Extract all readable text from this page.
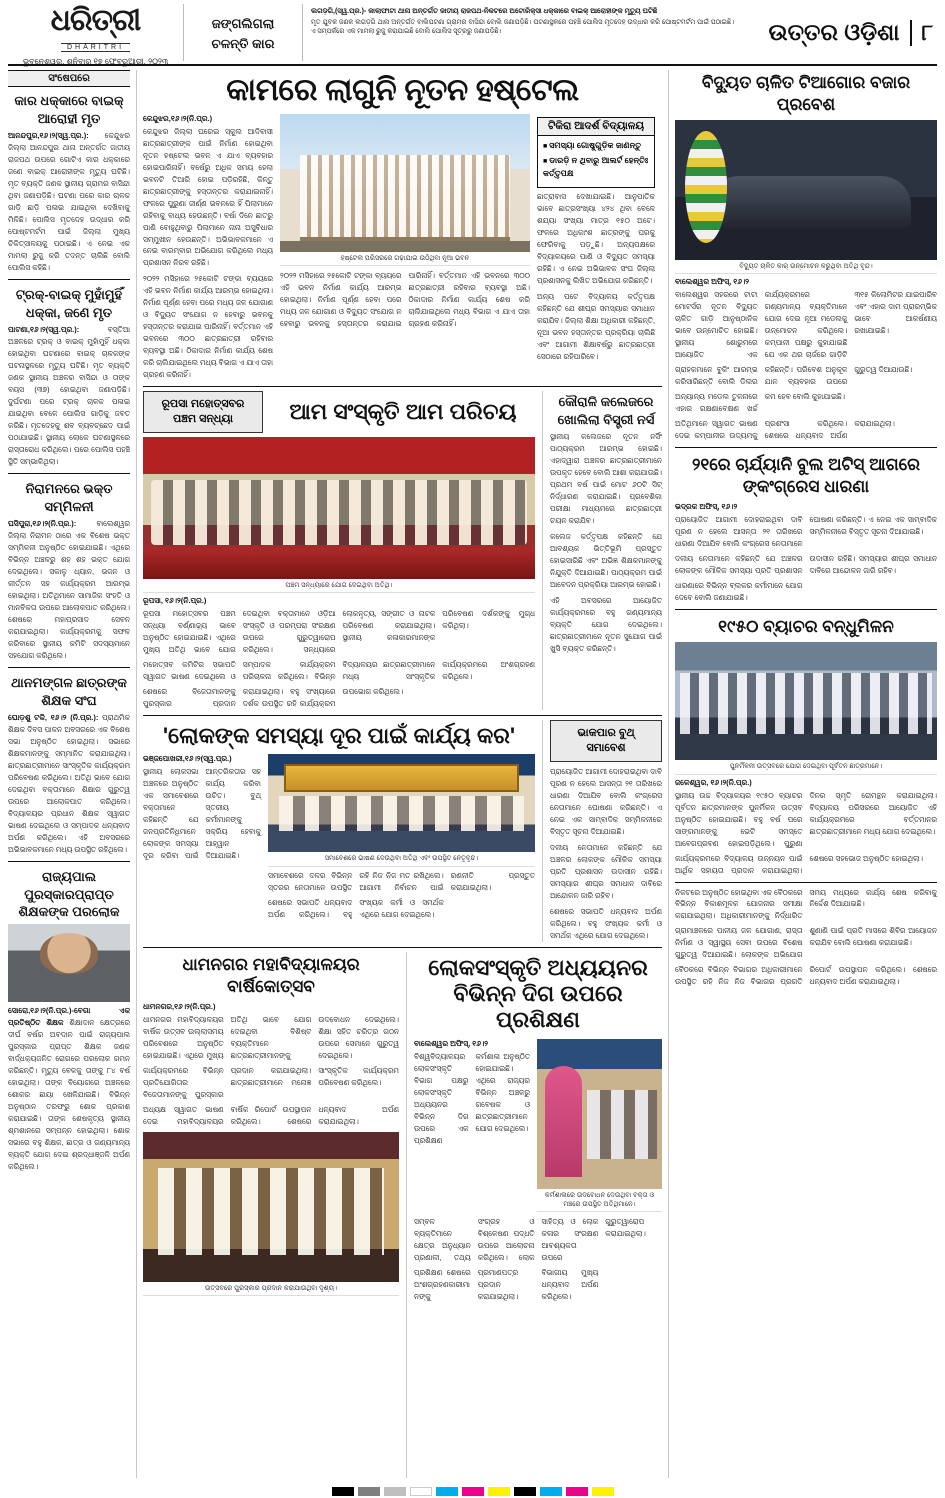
ଧରିତ୍ରୀ
DHARITRI
ଭୁବନେଶ୍ୱର, ଶନିବାର ୧୭ ଫେବ୍ରୁଆରୀ, ୨୦୨୩
ଜଙ୍ଗଲିଗଲା
ଚଳନ୍ତି କାର
ଲଗଡ଼ଗି,(ସ୍ୱ.ପ୍ର.)- କାଲାଫାଟା ଥାନା ଅନ୍ତର୍ଗତ ଜାତୀୟ ରାଜପଥ-ନିକଟରେ ଅଟୋରିକ୍ସା ଧକ୍କାରେ ବାଇକ୍ ଆରୋହୀଙ୍କ ମୃତ୍ୟୁ ଘଟିଛି
ମୃତ ଯୁବକ ଜଣକ ଲଗଡ଼ଗି ଥାନା ଅନ୍ତର୍ଗତ ବାଲିପଟଣା ଗ୍ରାମର ବାସିନ୍ଦା ବୋଲି ଜଣାପଡ଼ିଛି। ଘଟଣାସ୍ଥଳରେ ପହଞ୍ଚି ପୋଲିସ ମୃତଦେହ ଉଦ୍ଧାର କରି ପୋଷ୍ଟମର୍ଟମ ପାଇଁ ପଠାଇଛି। ଏ ସମ୍ପର୍କରେ ଏକ ମାମଲା ରୁଜୁ କରାଯାଇଛି ବୋଲି ପୋଲିସ ସୂତ୍ରରୁ ଜଣାପଡ଼ିଛି।	ଉତ୍ତର ଓଡ଼ିଶା	୮
ସଂଷେପରେ
କାର ଧକ୍କାରେ ବାଇକ୍ ଆରୋହୀ ମୃତ
ଆନନ୍ଦପୁର,୧୬।୨(ସ୍ୱ.ପ୍ର.): କେନ୍ଦୁଝର ଜିଲ୍ଲା ଆନନ୍ଦପୁର ଥାନା ଅନ୍ତର୍ଗତ ଜାତୀୟ ରାଜପଥ ଉପରେ ଗୋଟିଏ କାର ଧକ୍କାରେ ଜଣେ ବାଇକ୍ ଆରୋହୀଙ୍କ ମୃତ୍ୟୁ ଘଟିଛି। ମୃତ ବ୍ୟକ୍ତି ଜଣକ ସ୍ଥାନୀୟ ଗ୍ରାମର ବାସିନ୍ଦା ଥିବା ଜଣାପଡ଼ିଛି। ଘଟଣା ପରେ କାର ଚାଳକ ଗାଡ଼ି ଛାଡ଼ି ପଳାଇ ଯାଇଥିବା ଦେଖିବାକୁ ମିଳିଛି। ପୋଲିସ ମୃତଦେହ ଉଦ୍ଧାର କରି ପୋଷ୍ଟମର୍ଟମ ପାଇଁ ଜିଲ୍ଲା ମୁଖ୍ୟ ଚିକିତ୍ସାଳୟକୁ ପଠାଇଛି। ଏ ନେଇ ଏକ ମାମଲା ରୁଜୁ କରି ତଦନ୍ତ ଚାଲିଛି ବୋଲି ପୋଲିସ କହିଛି।
ଟ୍ରକ୍-ବାଇକ୍ ମୁହାଁମୁହିଁ ଧକ୍କା, ଜଣେ ମୃତ
ପାଟଣା,୧୬।୨(ସ୍ୱ.ପ୍ର.):	ବସ୍ତିଆ ଅଞ୍ଚଳରେ ଟ୍ରକ୍ ଓ ବାଇକ୍ ମୁହାଁମୁହିଁ ଧକ୍କା ହୋଇଥିବା ଘଟଣାରେ ବାଇକ୍ ଚାଳକଙ୍କ ଘଟନାସ୍ଥଳରେ ମୃତ୍ୟୁ ଘଟିଛି। ମୃତ ବ୍ୟକ୍ତି ଜଣକ ସ୍ଥାନୀୟ ଅଞ୍ଚଳର ବାସିନ୍ଦା ଓ ତାଙ୍କ ବୟସ (୩୭) ହୋଇଥିବା ଜଣାପଡ଼ିଛି। ଦୁର୍ଘଟଣା ପରେ ଟ୍ରକ୍ ଚାଳକ ପଳାଇ ଯାଇଥିବା ବେଳେ ପୋଲିସ ଗାଡ଼ିକୁ ଜବତ କରିଛି। ମୃତଦେହକୁ ଶବ ବ୍ୟବଚ୍ଛେଦ ପାଇଁ ପଠାଯାଇଛି। ସ୍ଥାନୀୟ ଲୋକେ ଘଟଣାସ୍ଥଳରେ ରାସ୍ତାରୋଧ କରିଥିଲେ। ପରେ ପୋଲିସ ପହଞ୍ଚି ସ୍ଥିତି ସମ୍ଭାଳିଥିଲା।
ନିରାମନରେ ଭକ୍ତ ସମ୍ମିଳନୀ
ଘସିପୁରା,୧୬।୨(ନି.ପ୍ର.):	ବାଲେଶ୍ୱର ଜିଲ୍ଲା ନିରାମନ ଠାରେ ଏକ ବିଶେଷ ଭକ୍ତ ସମ୍ମିଳନୀ ଅନୁଷ୍ଠିତ ହୋଇଯାଇଛି। ଏଥିରେ ବିଭିନ୍ନ ଅଞ୍ଚଳରୁ ଶହ ଶହ ଭକ୍ତ ଯୋଗ ଦେଇଥିଲେ। ସକାଳୁ ଧ୍ୟାନ, ଭଜନ ଓ କୀର୍ତ୍ତନ ସହ କାର୍ଯ୍ୟକ୍ରମ ଆରମ୍ଭ ହୋଇଥିଲା। ଅତିଥିମାନେ ସାମାଜିକ ସଂହତି ଓ ମାନବିକତା ଉପରେ ଆଲୋକପାତ କରିଥିଲେ। ଶେଷରେ ମହାପ୍ରସାଦ ସେବନ କରାଯାଇଥିଲା। କାର୍ଯ୍ୟକ୍ରମକୁ ସଫଳ କରିବାରେ ସ୍ଥାନୀୟ କମିଟି ସଦସ୍ୟମାନେ ସହଯୋଗ କରିଥିଲେ।
ଥାନମଙ୍ଗଳ ଛାତ୍ରଙ୍କ ଶିକ୍ଷକ ସଂଘ
ଘୋଡ଼ଶୁ ଟକି, ୧୬।୨ (ନି.ପ୍ର.): ପ୍ରାଥମିକ ଶିକ୍ଷକ ଦିବସ ପାଳନ ଅବସରରେ ଏକ ବିଶେଷ ସଭା ଅନୁଷ୍ଠିତ ହୋଇଥିଲା। ସଭାରେ ଶିକ୍ଷକମାନଙ୍କୁ ସମ୍ମାନିତ କରାଯାଇଥିଲା। ଛାତ୍ରଛାତ୍ରୀମାନେ ସାଂସ୍କୃତିକ କାର୍ଯ୍ୟକ୍ରମ ପରିବେଷଣ କରିଥିଲେ। ଅତିଥି ଭାବେ ଯୋଗ ଦେଇଥିବା ବକ୍ତାମାନେ ଶିକ୍ଷାର ଗୁରୁତ୍ୱ ଉପରେ ଆଲୋକପାତ କରିଥିଲେ। ବିଦ୍ୟାଳୟର ପ୍ରଧାନ ଶିକ୍ଷକ ସ୍ୱାଗତ ଭାଷଣ ଦେଇଥିଲେ ଓ ସମ୍ପାଦକ ଧନ୍ୟବାଦ ଅର୍ପଣ କରିଥିଲେ। ଏହି ଅବସରରେ ଅଭିଭାବକମାନେ ମଧ୍ୟ ଉପସ୍ଥିତ ରହିଥିଲେ।
ରାଜ୍ୟପାଲ ପୁରସ୍କାରପ୍ରାପ୍ତ ଶିକ୍ଷକଙ୍କ ପରଲୋକ
ସୋରୋ,୧୬।୨(ନି.ପ୍ର.)-ବେଗା ଏକ ପ୍ରତିଷ୍ଠିତ ଶିକ୍ଷକ ଶିକ୍ଷାଦାନ କ୍ଷେତ୍ରରେ ଦୀର୍ଘ ବର୍ଷର ଅବଦାନ ପାଇଁ ରାଜ୍ୟପାଲ ପୁରସ୍କାର ପ୍ରାପ୍ତ ଶିକ୍ଷକ ଜଣକ ବାର୍ଦ୍ଧକ୍ୟଜନିତ ରୋଗରେ ପରଲୋକ ଗମନ କରିଛନ୍ତି। ମୃତ୍ୟୁ ବେଳକୁ ତାଙ୍କୁ ୮୪ ବର୍ଷ ହୋଇଥିଲା। ତାଙ୍କ ବିୟୋଗରେ ଅଞ୍ଚଳରେ ଶୋକର ଛାୟା ଖେଳିଯାଇଛି। ବିଭିନ୍ନ ଅନୁଷ୍ଠାନ ତରଫରୁ ଶୋକ ପ୍ରକାଶ କରାଯାଇଛି। ତାଙ୍କ ଶେଷକୃତ୍ୟ ସ୍ଥାନୀୟ ଶ୍ମଶାନରେ ସମ୍ପନ୍ନ ହୋଇଥିଲା। ଶୋକ ସଭାରେ ବହୁ ଶିକ୍ଷକ, ଛାତ୍ର ଓ ଗଣ୍ୟମାନ୍ୟ ବ୍ୟକ୍ତି ଯୋଗ ଦେଇ ଶ୍ରଦ୍ଧାଞ୍ଜଳି ଅର୍ପଣ କରିଥିଲେ।
କାମରେ ଲାଗୁନି ନୂତନ ହଷ୍ଟେଲ
କେନ୍ଦୁଝର,୧୬।୨(ନି.ପ୍ର.)
କେନ୍ଦୁଝର ଜିଲ୍ଲା ଘରେଇ ସ୍କୁଲ ଆଦିବାସୀ ଛାତ୍ରଛାତ୍ରୀଙ୍କ ପାଇଁ ନିର୍ମାଣ ହୋଇଥିବା ନୂତନ ହଷ୍ଟେଲ ଭବନ ଏ ଯାଏ ବ୍ୟବହାର ହୋଇପାରିନାହିଁ। ବର୍ଷେରୁ ଅଧିକ ସମୟ ହେଲା ଭବନଟି ତିଆରି ହୋଇ ପଡ଼ିରହିଛି, କିନ୍ତୁ ଛାତ୍ରଛାତ୍ରୀଙ୍କୁ ହସ୍ତାନ୍ତର କରାଯାଇନାହିଁ। ଫଳରେ ପୁରୁଣା ଜୀର୍ଣ୍ଣ ଭବନରେ ହିଁ ପିଲାମାନେ ରହିବାକୁ ବାଧ୍ୟ ହେଉଛନ୍ତି। ବର୍ଷା ଦିନେ ଛାତରୁ ପାଣି ବୋହୁଥିବାରୁ ପିଲାମାନେ ନାନା ଅସୁବିଧାର ସମ୍ମୁଖୀନ ହେଉଛନ୍ତି। ଅଭିଭାବକମାନେ ଏ ନେଇ ବାରମ୍ବାର ଅଭିଯୋଗ କରିଥିଲେ ମଧ୍ୟ ପ୍ରଶାସନ ନିରବ ରହିଛି।
୨୦୨୨ ମସିହାରେ ୨୫କୋଟି ଟଙ୍କା ବ୍ୟୟରେ ଏହି ଭବନ ନିର୍ମାଣ କାର୍ଯ୍ୟ ଆରମ୍ଭ ହୋଇଥିଲା। ନିର୍ମାଣ ପୂର୍ଣ୍ଣ ହେବା ପରେ ମଧ୍ୟ ଜଳ ଯୋଗାଣ ଓ ବିଦ୍ୟୁତ ସଂଯୋଗ ନ ହେବାରୁ ଭବନକୁ ହସ୍ତାନ୍ତର କରାଯାଇ ପାରିନାହିଁ। ବର୍ତ୍ତମାନ ଏହି ଭବନରେ ୩୦୦ ଛାତ୍ରଛାତ୍ରୀ ରହିବାର ବ୍ୟବସ୍ଥା ଅଛି। ଠିକାଦାର ନିର୍ମାଣ କାର୍ଯ୍ୟ ଶେଷ କରି ଚାଲିଯାଇଥିଲେ ମଧ୍ୟ ବିଭାଗ ଏ ଯାଏ ତାହା ଗ୍ରହଣ କରିନାହିଁ।
ହଷ୍ଟେଲ ପରିସରରେ ଗଢ଼ାଯାଇ ଉଠିଥିବା ନୂଆ ଭବନ
୨୦୨୨ ମସିହାରେ ୨୫କୋଟି ଟଙ୍କା ବ୍ୟୟରେ ଏହି ଭବନ ନିର୍ମାଣ କାର୍ଯ୍ୟ ଆରମ୍ଭ ହୋଇଥିଲା। ନିର୍ମାଣ ପୂର୍ଣ୍ଣ ହେବା ପରେ ମଧ୍ୟ ଜଳ ଯୋଗାଣ ଓ ବିଦ୍ୟୁତ ସଂଯୋଗ ନ ହେବାରୁ ଭବନକୁ ହସ୍ତାନ୍ତର କରାଯାଇ ପାରିନାହିଁ। ବର୍ତ୍ତମାନ ଏହି ଭବନରେ ୩୦୦ ଛାତ୍ରଛାତ୍ରୀ ରହିବାର ବ୍ୟବସ୍ଥା ଅଛି। ଠିକାଦାର ନିର୍ମାଣ କାର୍ଯ୍ୟ ଶେଷ କରି ଚାଲିଯାଇଥିଲେ ମଧ୍ୟ ବିଭାଗ ଏ ଯାଏ ତାହା ଗ୍ରହଣ କରିନାହିଁ।
ଟିକିରା ଆଦର୍ଶ ବିଦ୍ୟାଳୟ
■ ସମସ୍ୟା ଗୋଷୁଗୁଡ଼ିକ ଜାଣନ୍ତୁ
■ ଡାରଡ଼ି ନ ଥିବାରୁ ଆଲର୍ଟ ହେନ୍ତିଃ କର୍ତ୍ତୃପକ୍ଷ
ଛାତ୍ରାବାସ ଦେଖାଯାଇଛି। ଆନୁପାତିକ ଭାବେ ଛାତ୍ରସଂଖ୍ୟା ୪୨୪ ଥିବା ବେଳେ ଶଯ୍ୟା ସଂଖ୍ୟା ମାତ୍ର ୧୫୦ ଅଟେ। ଫଳରେ ଅଧିକାଂଶ ଛାତ୍ରଙ୍କୁ ଘରକୁ ଫେରିବାକୁ ପଡ଼ୁଛି। ଅନ୍ୟପକ୍ଷରେ ବିଦ୍ୟାଳୟରେ ପାଣି ଓ ବିଦ୍ୟୁତ ସମସ୍ୟା ରହିଛି। ଏ ନେଇ ଅଭିଭାବକ ସଂଘ ଜିଲ୍ଲା ପ୍ରଶାସନକୁ ଲିଖିତ ଅଭିଯୋଗ କରିଛନ୍ତି।
ଅନ୍ୟ ପଟେ ବିଦ୍ୟାଳୟ କର୍ତ୍ତୃପକ୍ଷ କହିଛନ୍ତି ଯେ ଶୀଘ୍ର ସମସ୍ୟାର ସମାଧାନ କରାଯିବ। ଜିଲ୍ଲା ଶିକ୍ଷା ଅଧିକାରୀ କହିଛନ୍ତି, ନୂଆ ଭବନ ହସ୍ତାନ୍ତର ପ୍ରକ୍ରିୟା ଚାଲିଛି ଏବଂ ଆଗାମୀ ଶିକ୍ଷାବର୍ଷରୁ ଛାତ୍ରଛାତ୍ରୀ ସେଠାରେ ରହିପାରିବେ।
ରୂପସା ମହୋତ୍ସବର
ପଞ୍ଚମ ସନ୍ଧ୍ୟା	ଆମ ସଂସ୍କୃତି ଆମ ପରିଚୟ
ପଞ୍ଚମ ସନ୍ଧ୍ୟାରେ ଯୋଗ ଦେଇଥିବା ଅତିଥି।
ରୂପସା, ୧୬।୨(ନି.ପ୍ର.)
ରୂପସା ମହୋତ୍ସବର ପଞ୍ଚମ ସନ୍ଧ୍ୟା ବର୍ଣ୍ଣାଢ଼୍ୟ ଭାବେ ଅନୁଷ୍ଠିତ ହୋଇଯାଇଛି। ଏଥିରେ ମୁଖ୍ୟ ଅତିଥି ଭାବେ ଯୋଗ ଦେଇଥିବା ବକ୍ତାମାନେ ଓଡ଼ିଆ ସଂସ୍କୃତି ଓ ପରମ୍ପରା ସଂରକ୍ଷଣ ଉପରେ ଗୁରୁତ୍ୱାରୋପ କରିଥିଲେ। ସନ୍ଧ୍ୟାରେ ଲୋକନୃତ୍ୟ, ସଙ୍ଗୀତ ଓ ନାଟକ ପରିବେଷଣ କରାଯାଇଥିଲା। ସ୍ଥାନୀୟ କଳାକାରମାନଙ୍କ ପରିବେଷଣ ଦର୍ଶକଙ୍କୁ ମୁଗ୍ଧ କରିଥିଲା।
ମହୋତ୍ସବ କମିଟିର ସଭାପତି ସ୍ୱାଗତ ଭାଷଣ ଦେଇଥିଲେ ଓ ସମ୍ପାଦକ କାର୍ଯ୍ୟକ୍ରମ ପରିଚାଳନା କରିଥିଲେ। ବିଭିନ୍ନ ବିଦ୍ୟାଳୟର ଛାତ୍ରଛାତ୍ରୀମାନେ ମଧ୍ୟ ସାଂସ୍କୃତିକ କାର୍ଯ୍ୟକ୍ରମରେ ଅଂଶଗ୍ରହଣ କରିଥିଲେ।
ଶେଷରେ ବିଜେତାମାନଙ୍କୁ ପୁରସ୍କାର ପ୍ରଦାନ କରାଯାଇଥିଲା। ବହୁ ସଂଖ୍ୟାରେ ଦର୍ଶକ ଉପସ୍ଥିତ ରହି କାର୍ଯ୍ୟକ୍ରମ ଉପଭୋଗ କରିଥିଲେ।
କୌରାଳି କଲେଜରେ ଖୋଲିଲା ବିସ୍ତ୍ରୀ ନର୍ସ
ସ୍ଥାନୀୟ କଲେଜରେ ନୂତନ ନର୍ସିଂ ପାଠ୍ୟକ୍ରମ ଆରମ୍ଭ ହୋଇଛି। ଏହାଦ୍ୱାରା ଅଞ୍ଚଳର ଛାତ୍ରଛାତ୍ରୀମାନେ ଉପକୃତ ହେବେ ବୋଲି ଆଶା କରାଯାଉଛି। ପ୍ରଥମ ବର୍ଷ ପାଇଁ ମୋଟ ୬୦ଟି ସିଟ୍ ନିର୍ଦ୍ଧାରଣ କରାଯାଇଛି। ପ୍ରବେଶିକା ପରୀକ୍ଷା ମାଧ୍ୟମରେ ଛାତ୍ରଛାତ୍ରୀ ଚୟନ କରାଯିବ।
କଲେଜ କର୍ତ୍ତୃପକ୍ଷ କହିଛନ୍ତି ଯେ ଆବଶ୍ୟକ ଭିତ୍ତିଭୂମି ପ୍ରସ୍ତୁତ ହୋଇସାରିଛି ଏବଂ ଅଭିଜ୍ଞ ଶିକ୍ଷକମାନଙ୍କୁ ନିଯୁକ୍ତି ଦିଆଯାଇଛି। ପାଠ୍ୟକ୍ରମ ପାଇଁ ଆବେଦନ ପ୍ରକ୍ରିୟା ଆରମ୍ଭ ହୋଇଛି।
ଏହି ଅବସରରେ ଆୟୋଜିତ କାର୍ଯ୍ୟକ୍ରମରେ ବହୁ ଗଣ୍ୟମାନ୍ୟ ବ୍ୟକ୍ତି ଯୋଗ ଦେଇଥିଲେ। ଛାତ୍ରଛାତ୍ରୀମାନେ ନୂତନ ସୁଯୋଗ ପାଇଁ ଖୁସି ବ୍ୟକ୍ତ କରିଛନ୍ତି।
'ଲୋକଙ୍କ ସମସ୍ୟା ଦୂର ପାଇଁ କାର୍ଯ୍ୟ କର'
ଭଞ୍ଜପୋଖରୀ,୧୬।୨(ସ୍ୱ.ପ୍ର.)
ସ୍ଥାନୀୟ ଲୋକସଭା ଅଞ୍ଚଳରେ ଅନୁଷ୍ଠିତ ଏକ ସମାବେଶରେ ବକ୍ତାମାନେ କହିଛନ୍ତି ଯେ ଜନପ୍ରତିନିଧିମାନେ ଲୋକଙ୍କ ସମସ୍ୟା ଦୂର କରିବା ପାଇଁ ଆନ୍ତରିକତାର ସହ କାର୍ଯ୍ୟ କରିବା ଉଚିତ। ବୁଥ୍ ସ୍ତରୀୟ କର୍ମୀମାନଙ୍କୁ ସକ୍ରିୟ ହେବାକୁ ଆହ୍ୱାନ ଦିଆଯାଇଛି।	ସମାବେଶରେ ଭାଷଣ ଦେଉଥିବା ଅତିଥି ଏବଂ ଉପସ୍ଥିତ ନେତୃବୃନ୍ଦ।
ସମାବେଶରେ ଦଳର ବିଭିନ୍ନ ସ୍ତରର ନେତାମାନେ ଉପସ୍ଥିତ ରହି ନିଜ ନିଜ ମତ ରଖିଥିଲେ। ଆଗାମୀ ନିର୍ବାଚନ ପାଇଁ ରଣନୀତି ପ୍ରସ୍ତୁତ କରାଯାଇଥିଲା।
ଶେଷରେ ସଭାପତି ଧନ୍ୟବାଦ ଅର୍ପଣ କରିଥିଲେ। ବହୁ ସଂଖ୍ୟକ କର୍ମୀ ଓ ସମର୍ଥକ ଏଥିରେ ଯୋଗ ଦେଇଥିଲେ।
ଭାକପାର ବୁଥ୍
ସମାବେଶ
ପ୍ରାୟୋଜିତ ଆଗାମୀ ଦୋହରାଇଥିବା ଦାବି ପୂରଣ ନ ହେଲେ ଆସନ୍ତା ୨୧ ତାରିଖରେ ଧାରଣା ଦିଆଯିବ ବୋଲି କଂଗ୍ରେସ ନେତାମାନେ ଘୋଷଣା କରିଛନ୍ତି। ଏ ନେଇ ଏକ ସାମ୍ବାଦିକ ସମ୍ମିଳନୀରେ ବିସ୍ତୃତ ସୂଚନା ଦିଆଯାଇଛି।
ଦଳୀୟ ନେତାମାନେ କହିଛନ୍ତି ଯେ ଅଞ୍ଚଳର ଲୋକଙ୍କ ମୌଳିକ ସମସ୍ୟା ପ୍ରତି ପ୍ରଶାସନ ଉଦାସୀନ ରହିଛି। ସମସ୍ୟାର ଶୀଘ୍ର ସମାଧାନ ଦାବିରେ ଆନ୍ଦୋଳନ ଜାରି ରହିବ।
ଶେଷରେ ସଭାପତି ଧନ୍ୟବାଦ ଅର୍ପଣ କରିଥିଲେ। ବହୁ ସଂଖ୍ୟକ କର୍ମୀ ଓ ସମର୍ଥକ ଏଥିରେ ଯୋଗ ଦେଇଥିଲେ।
ଧାମନଗର ମହାବିଦ୍ୟାଳୟର ବାର୍ଷିକୋତ୍ସବ
ଧାମନଗର,୧୬।୨(ନି.ପ୍ର.)
ଧାମନଗର ମହାବିଦ୍ୟାଳୟର ବାର୍ଷିକ ଉତ୍ସବ ଉଲ୍ଲାସମୟ ପରିବେଶରେ ଅନୁଷ୍ଠିତ ହୋଇଯାଇଛି। ଏଥିରେ ମୁଖ୍ୟ ଅତିଥି ଭାବେ ଯୋଗ ଦେଇଥିବା ବିଶିଷ୍ଟ ବ୍ୟକ୍ତିମାନେ ଛାତ୍ରଛାତ୍ରୀମାନଙ୍କୁ ଉଦବୋଧନ ଦେଇଥିଲେ। ଶିକ୍ଷା ସହିତ ଚରିତ୍ର ଗଠନ ଉପରେ ସେମାନେ ଗୁରୁତ୍ୱ ଦେଇଥିଲେ।
କାର୍ଯ୍ୟକ୍ରମରେ ବିଭିନ୍ନ ପ୍ରତିଯୋଗିତାର ବିଜେତାମାନଙ୍କୁ ପୁରସ୍କାର ପ୍ରଦାନ କରାଯାଇଥିଲା। ଛାତ୍ରଛାତ୍ରୀମାନେ ମନୋଜ୍ଞ ସାଂସ୍କୃତିକ କାର୍ଯ୍ୟକ୍ରମ ପରିବେଷଣ କରିଥିଲେ।
ଅଧ୍ୟକ୍ଷ ସ୍ୱାଗତ ଭାଷଣ ଦେଇ ମହାବିଦ୍ୟାଳୟର ବାର୍ଷିକ ରିପୋର୍ଟ ଉପସ୍ଥାପନ କରିଥିଲେ। ଶେଷରେ ଧନ୍ୟବାଦ ଅର୍ପଣ କରାଯାଇଥିଲା।
ଉତ୍ସବରେ ପୁରସ୍କାର ପ୍ରଦାନ କରାଯାଉଥିବା ଦୃଶ୍ୟ।
ଲୋକସଂସ୍କୃତି ଅଧ୍ୟୟନର ବିଭିନ୍ନ ଦିଗ ଉପରେ ପ୍ରଶିକ୍ଷଣ
ବାଲେଶ୍ୱର ଅଫିସ୍, ୧୬।୨
ବିଶ୍ୱବିଦ୍ୟାଳୟର ଲୋକସଂସ୍କୃତି ବିଭାଗ ପକ୍ଷରୁ ଲୋକସଂସ୍କୃତି ଅଧ୍ୟୟନର ବିଭିନ୍ନ ଦିଗ ଉପରେ ଏକ ପ୍ରଶିକ୍ଷଣ କର୍ମଶାଳା ଅନୁଷ୍ଠିତ ହୋଇଯାଇଛି। ଏଥିରେ ରାଜ୍ୟର ବିଭିନ୍ନ ଅଞ୍ଚଳରୁ ଗବେଷକ ଓ ଛାତ୍ରଛାତ୍ରୀମାନେ ଯୋଗ ଦେଇଥିଲେ।
କର୍ମଶାଳାରେ ଉଦବୋଧନ ଦେଉଥିବା ବକ୍ତା ଓ ମଞ୍ଚରେ ଉପସ୍ଥିତ ଅତିଥିମାନେ।
ସମ୍ବଳ ବ୍ୟକ୍ତିମାନେ କ୍ଷେତ୍ର ଅନୁଧ୍ୟାନ ପ୍ରଣାଳୀ, ତଥ୍ୟ ସଂଗ୍ରହ ଓ ବିଶ୍ଳେଷଣ ପଦ୍ଧତି ଉପରେ ଆଲୋଚନା କରିଥିଲେ। ଲୋକ ସାହିତ୍ୟ ଓ ଲୋକ କଳାର ସଂରକ୍ଷଣ ଆବଶ୍ୟକତା ଉପରେ ଗୁରୁତ୍ୱାରୋପ କରାଯାଇଥିଲା।
ପ୍ରଶିକ୍ଷଣ ଶେଷରେ ଅଂଶଗ୍ରହଣକାରୀମାନଙ୍କୁ ପ୍ରମାଣପତ୍ର ପ୍ରଦାନ କରାଯାଇଥିଲା। ବିଭାଗୀୟ ମୁଖ୍ୟ ଧନ୍ୟବାଦ ଅର୍ପଣ କରିଥିଲେ।
ବିଦ୍ୟୁତ ଚାଳିତ ଟିଆଗୋର ବଜାର ପ୍ରବେଶ
ବିଦ୍ୟୁତ ଚାଳିତ କାର୍ ଉନ୍ମୋଚନ କରୁଥିବା ଅତିଥି ବୃନ୍ଦ।
ବାଲେଶ୍ୱର ଅଫିସ୍, ୧୬।୨
ବାଲେଶ୍ୱର ସହରରେ ଟାଟା ମୋଟର୍ସର ନୂତନ ବିଦ୍ୟୁତ ଚାଳିତ ଗାଡ଼ି ଆନୁଷ୍ଠାନିକ ଭାବେ ଉନ୍ମୋଚିତ ହୋଇଛି। ସ୍ଥାନୀୟ ଶୋରୁମରେ ଆୟୋଜିତ ଏକ କାର୍ଯ୍ୟକ୍ରମରେ ଗଣ୍ୟମାନ୍ୟ ବ୍ୟକ୍ତିମାନେ ଯୋଗ ଦେଇ ନୂଆ ମଡେଲକୁ ଉନ୍ମୋଚନ କରିଥିଲେ। କମ୍ପାନୀ ପକ୍ଷରୁ କୁହାଯାଇଛି ଯେ ଏକ ଥର ଚାର୍ଜରେ ଗାଡ଼ିଟି ୩୧୫ କିଲୋମିଟର ଯାଇପାରିବ ଏବଂ ଏହାର ଦାମ ପ୍ରାରମ୍ଭିକ ଭାବେ ଆକର୍ଷଣୀୟ ରଖାଯାଇଛି।
ଗ୍ରାହକମାନେ ବୁକିଂ ଆରମ୍ଭ କରିସାରିଛନ୍ତି ବୋଲି ଡିଲର କହିଛନ୍ତି। ପରିବେଶ ଅନୁକୂଳ ଯାନ ବ୍ୟବହାର ଉପରେ ଗୁରୁତ୍ୱ ଦିଆଯାଉଛି।
ଅନ୍ୟାନ୍ୟ ମଡେଲ ତୁଳନାରେ ଏହାର ରକ୍ଷଣାବେକ୍ଷଣ ଖର୍ଚ୍ଚ କମ ହେବ ବୋଲି କୁହାଯାଇଛି।
ଅତିଥିମାନେ ସ୍ୱାଗତ ଭାଷଣ ଦେଇ କମ୍ପାନୀର ଉଦ୍ୟମକୁ ପ୍ରଶଂସା କରିଥିଲେ। ଶେଷରେ ଧନ୍ୟବାଦ ଅର୍ପଣ କରାଯାଇଥିଲା।
୨୧ରେ ଚାର୍ଯ୍ୟାନି ବୁଲ ଅଟିସ୍ ଆଗରେ ଙ୍କଂଗ୍ରେସ ଧାରଣା
ଭଦ୍ରକ ଅଫିସ୍, ୧୬।୨
ପ୍ରାୟୋଜିତ ଆଗାମୀ ଦୋହରାଇଥିବା ଦାବି ପୂରଣ ନ ହେଲେ ଆସନ୍ତା ୨୧ ତାରିଖରେ ଧାରଣା ଦିଆଯିବ ବୋଲି କଂଗ୍ରେସ ନେତାମାନେ ଘୋଷଣା କରିଛନ୍ତି। ଏ ନେଇ ଏକ ସାମ୍ବାଦିକ ସମ୍ମିଳନୀରେ ବିସ୍ତୃତ ସୂଚନା ଦିଆଯାଇଛି।
ଦଳୀୟ ନେତାମାନେ କହିଛନ୍ତି ଯେ ଅଞ୍ଚଳର ଲୋକଙ୍କ ମୌଳିକ ସମସ୍ୟା ପ୍ରତି ପ୍ରଶାସନ ଉଦାସୀନ ରହିଛି। ସମସ୍ୟାର ଶୀଘ୍ର ସମାଧାନ ଦାବିରେ ଆନ୍ଦୋଳନ ଜାରି ରହିବ।
ଧାରଣାରେ ବିଭିନ୍ନ ବ୍ଲକର କର୍ମୀମାନେ ଯୋଗ ଦେବେ ବୋଲି ଜଣାଯାଇଛି।
୧୯୫୦ ବ୍ୟାଚର ବନ୍ଧୁମିଳନ
ପୁନର୍ମିଳନୀ ଉତ୍ସବରେ ଯୋଗ ଦେଇଥିବା ପୂର୍ବତନ ଛାତ୍ରମାନେ।
ଜଳେଶ୍ୱର, ୧୬।୨(ନି.ପ୍ର.)
ସ୍ଥାନୀୟ ଉଚ୍ଚ ବିଦ୍ୟାଳୟର ୧୯୫୦ ବ୍ୟାଚର ପୂର୍ବତନ ଛାତ୍ରମାନଙ୍କ ପୁନର୍ମିଳନ ଉତ୍ସବ ଅନୁଷ୍ଠିତ ହୋଇଯାଇଛି। ବହୁ ବର୍ଷ ପରେ ସାଙ୍ଗମାନଙ୍କୁ ଭେଟି ସମସ୍ତେ ଆବେଗପ୍ରବଣ ହୋଇପଡ଼ିଥିଲେ। ପୁରୁଣା ଦିନର ସ୍ମୃତି ରୋମନ୍ଥନ କରାଯାଇଥିଲା। ବିଦ୍ୟାଳୟ ପରିସରରେ ଆୟୋଜିତ ଏହି କାର୍ଯ୍ୟକ୍ରମରେ ବର୍ତ୍ତମାନର ଛାତ୍ରଛାତ୍ରୀମାନେ ମଧ୍ୟ ଯୋଗ ଦେଇଥିଲେ।
କାର୍ଯ୍ୟକ୍ରମରେ ବିଦ୍ୟାଳୟ ଉନ୍ନୟନ ପାଇଁ ଆର୍ଥିକ ସହାୟତା ପ୍ରଦାନ କରାଯାଇଥିଲା। ଶେଷରେ ସହଭୋଜ ଅନୁଷ୍ଠିତ ହୋଇଥିଲା।
ନିକଟରେ ଅନୁଷ୍ଠିତ ହୋଇଥିବା ଏକ ବୈଠକରେ ବିଭିନ୍ନ ବିକାଶମୂଳକ ଯୋଜନାର ସମୀକ୍ଷା କରାଯାଇଥିଲା। ଅଧିକାରୀମାନଙ୍କୁ ନିର୍ଦ୍ଧାରିତ ସମୟ ମଧ୍ୟରେ କାର୍ଯ୍ୟ ଶେଷ କରିବାକୁ ନିର୍ଦ୍ଦେଶ ଦିଆଯାଇଛି।
ଗ୍ରାମାଞ୍ଚଳରେ ପାନୀୟ ଜଳ ଯୋଗାଣ, ରାସ୍ତା ନିର୍ମାଣ ଓ ସ୍ୱାସ୍ଥ୍ୟ ସେବା ଉପରେ ବିଶେଷ ଗୁରୁତ୍ୱ ଦିଆଯାଇଛି। ଲୋକଙ୍କ ଅଭିଯୋଗ ଶୁଣାଣି ପାଇଁ ପ୍ରତି ମାସରେ ଶିବିର ଆୟୋଜନ କରାଯିବ ବୋଲି ଘୋଷଣା କରାଯାଇଛି।
ବୈଠକରେ ବିଭିନ୍ନ ବିଭାଗର ଅଧିକାରୀମାନେ ଉପସ୍ଥିତ ରହି ନିଜ ନିଜ ବିଭାଗର ପ୍ରଗତି ରିପୋର୍ଟ ଉପସ୍ଥାପନ କରିଥିଲେ। ଶେଷରେ ଧନ୍ୟବାଦ ଅର୍ପଣ କରାଯାଇଥିଲା।
